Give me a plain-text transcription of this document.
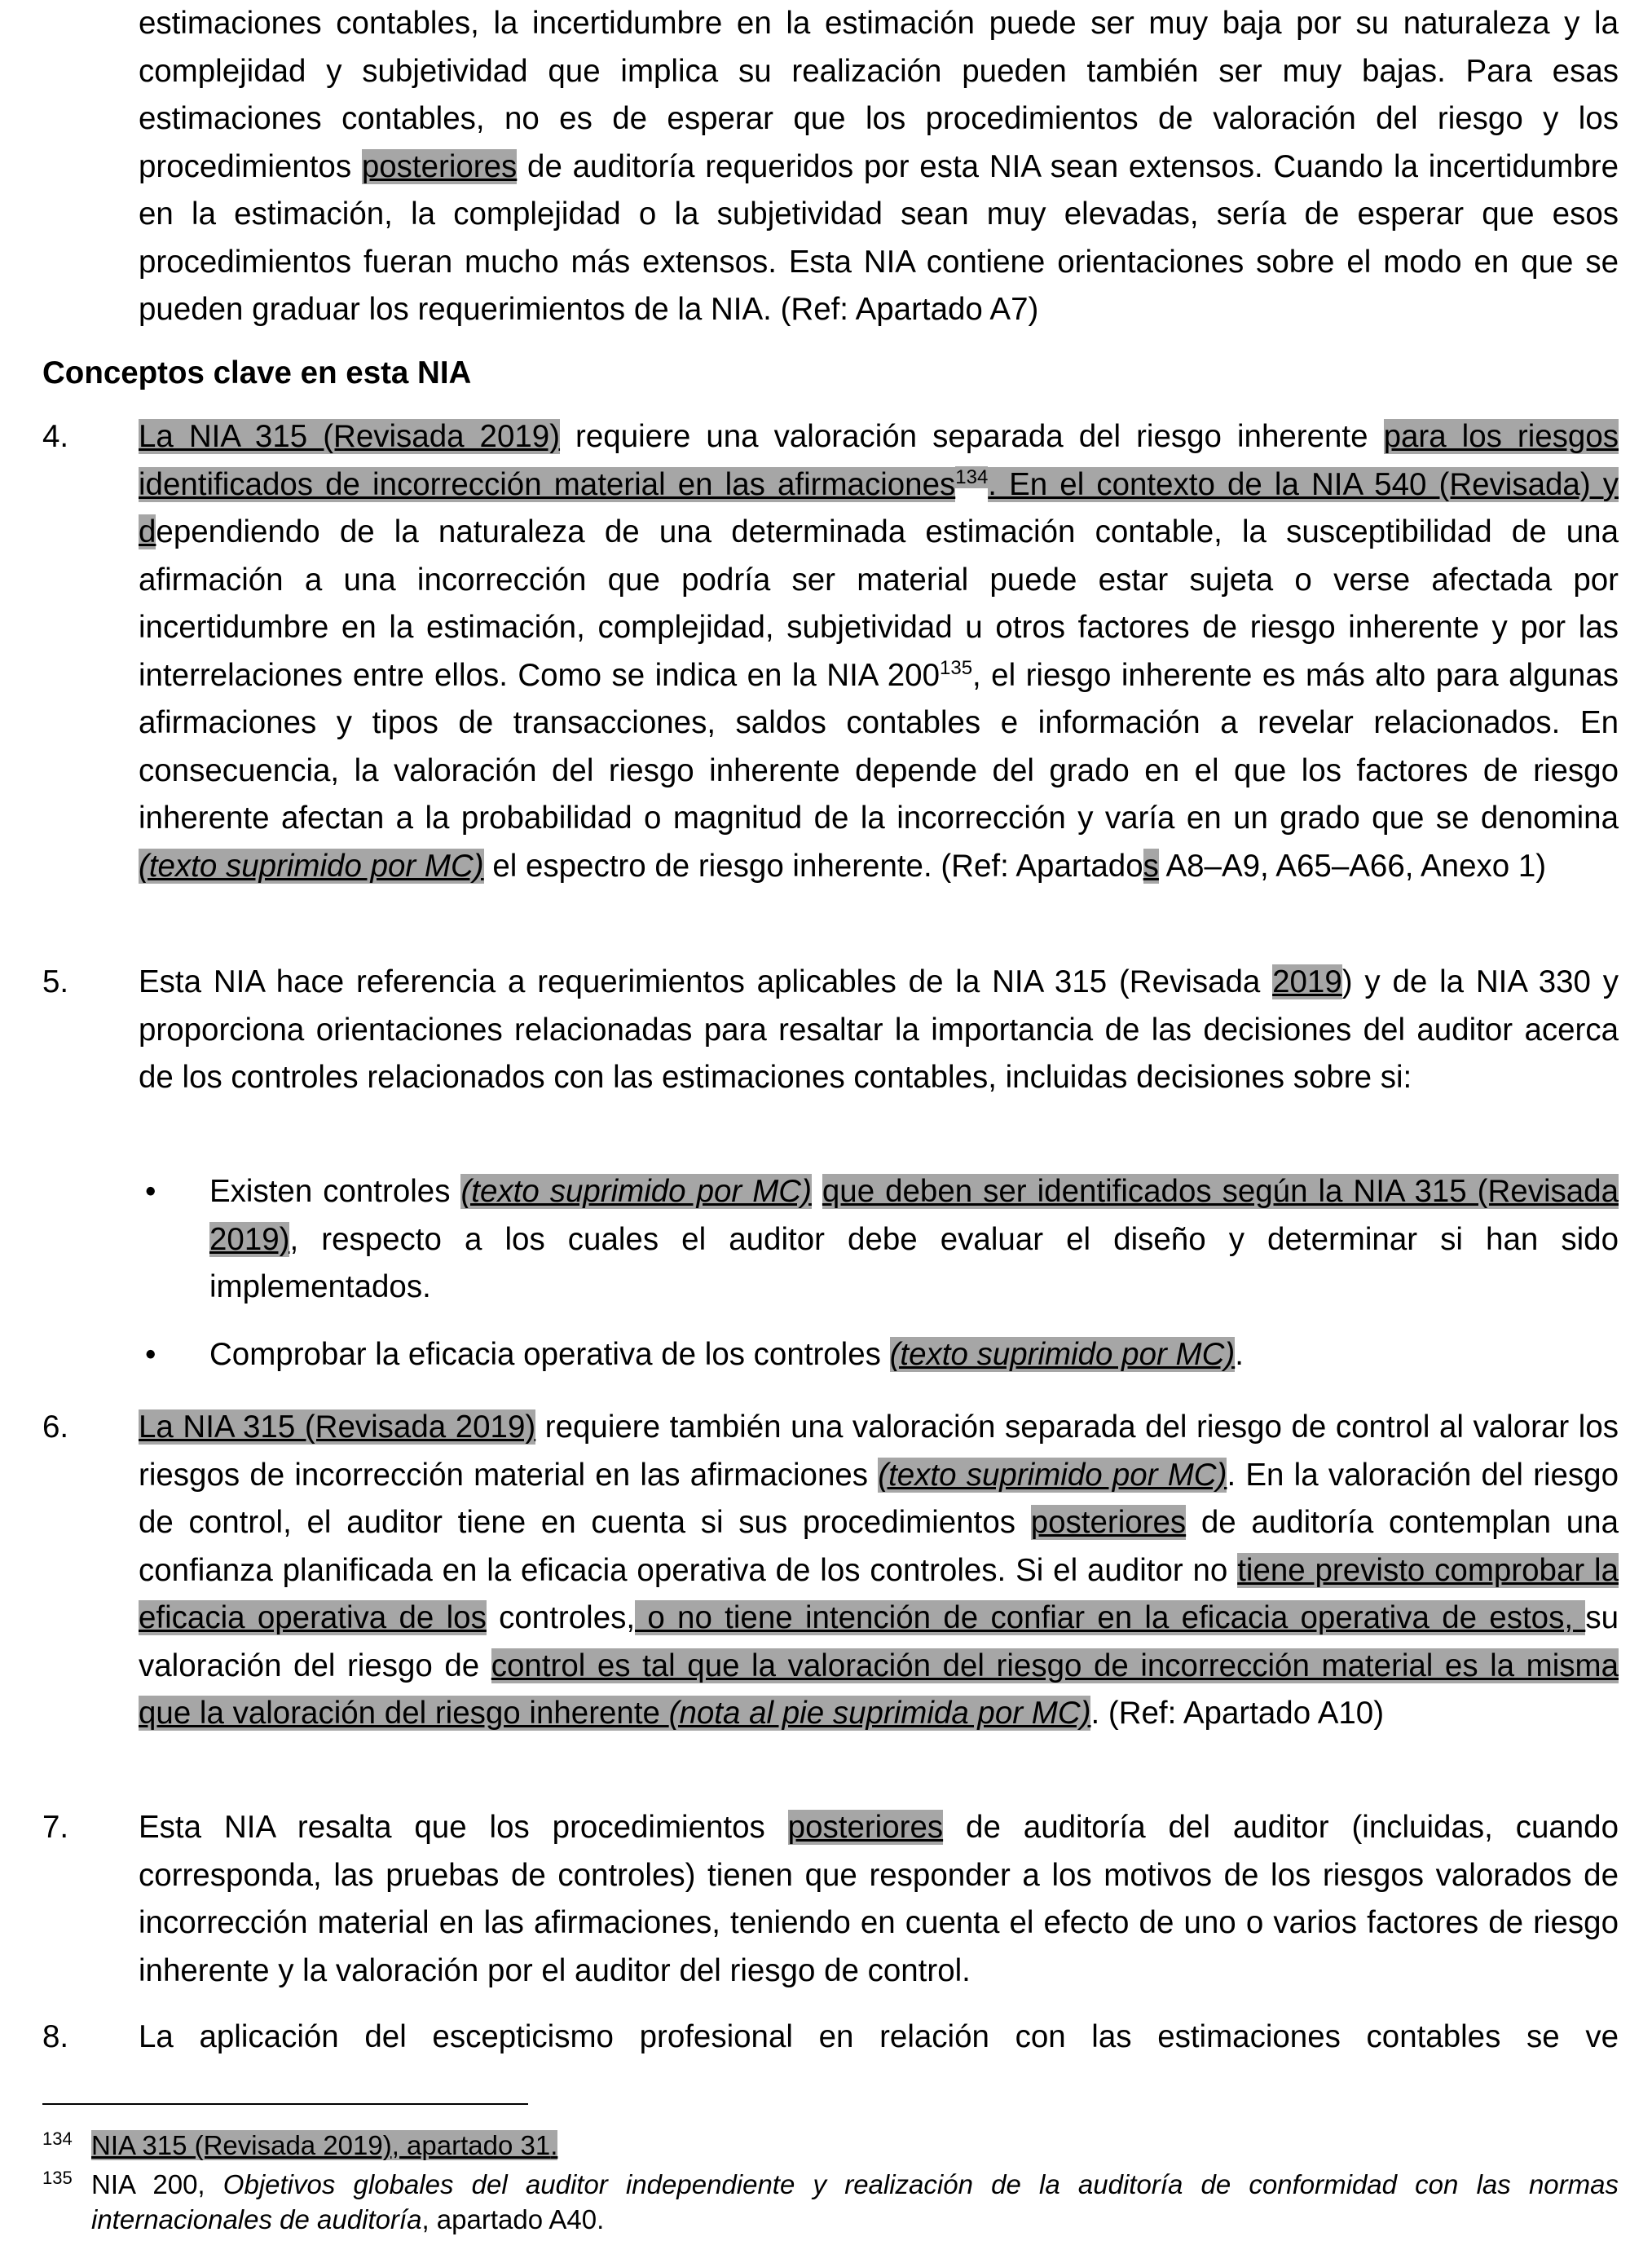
estimaciones contables, la incertidumbre en la estimación puede ser muy baja por su naturaleza y la complejidad y subjetividad que implica su realización pueden también ser muy bajas. Para esas estimaciones contables, no es de esperar que los procedimientos de valoración del riesgo y los procedimientos posteriores de auditoría requeridos por esta NIA sean extensos. Cuando la incertidumbre en la estimación, la complejidad o la subjetividad sean muy elevadas, sería de esperar que esos procedimientos fueran mucho más extensos. Esta NIA contiene orientaciones sobre el modo en que se pueden graduar los requerimientos de la NIA. (Ref: Apartado A7)
Conceptos clave en esta NIA
4. La NIA 315 (Revisada 2019) requiere una valoración separada del riesgo inherente para los riesgos identificados de incorrección material en las afirmaciones$^{134}$. En el contexto de la NIA 540 (Revisada) y dependiendo de la naturaleza de una determinada estimación contable, la susceptibilidad de una afirmación a una incorrección que podría ser material puede estar sujeta o verse afectada por incertidumbre en la estimación, complejidad, subjetividad u otros factores de riesgo inherente y por las interrelaciones entre ellos. Como se indica en la NIA $200^{135}$, el riesgo inherente es más alto para algunas afirmaciones y tipos de transacciones, saldos contables e información a revelar relacionados. En consecuencia, la valoración del riesgo inherente depende del grado en el que los factores de riesgo inherente afectan a la probabilidad o magnitud de la incorrección y varía en un grado que se denomina (texto suprimido por MC) el espectro de riesgo inherente. (Ref: Apartados A8–A9, A65–A66, Anexo 1)
5. Esta NIA hace referencia a requerimientos aplicables de la NIA 315 (Revisada 2019) y de la NIA 330 y proporciona orientaciones relacionadas para resaltar la importancia de las decisiones del auditor acerca de los controles relacionados con las estimaciones contables, incluidas decisiones sobre si:
• Existen controles (texto suprimido por MC) que deben ser identificados según la NIA 315 (Revisada 2019), respecto a los cuales el auditor debe evaluar el diseño y determinar si han sido implementados.
• Comprobar la eficacia operativa de los controles (texto suprimido por MC).
6. La NIA 315 (Revisada 2019) requiere también una valoración separada del riesgo de control al valorar los riesgos de incorrección material en las afirmaciones (texto suprimido por MC). En la valoración del riesgo de control, el auditor tiene en cuenta si sus procedimientos posteriores de auditoría contemplan una confianza planificada en la eficacia operativa de los controles. Si el auditor no tiene previsto comprobar la eficacia operativa de los controles, o no tiene intención de confiar en la eficacia operativa de estos, su valoración del riesgo de control es tal que la valoración del riesgo de incorrección material es la misma que la valoración del riesgo inherente (nota al pie suprimida por MC). (Ref: Apartado A10)
7. Esta NIA resalta que los procedimientos posteriores de auditoría del auditor (incluidas, cuando corresponda, las pruebas de controles) tienen que responder a los motivos de los riesgos valorados de incorrección material en las afirmaciones, teniendo en cuenta el efecto de uno o varios factores de riesgo inherente y la valoración por el auditor del riesgo de control.
8. La aplicación del escepticismo profesional en relación con las estimaciones contables se ve
134 NIA 315 (Revisada 2019), apartado 31.
135 NIA 200, Objetivos globales del auditor independiente y realización de la auditoría de conformidad con las normas internacionales de auditoría, apartado A40.
